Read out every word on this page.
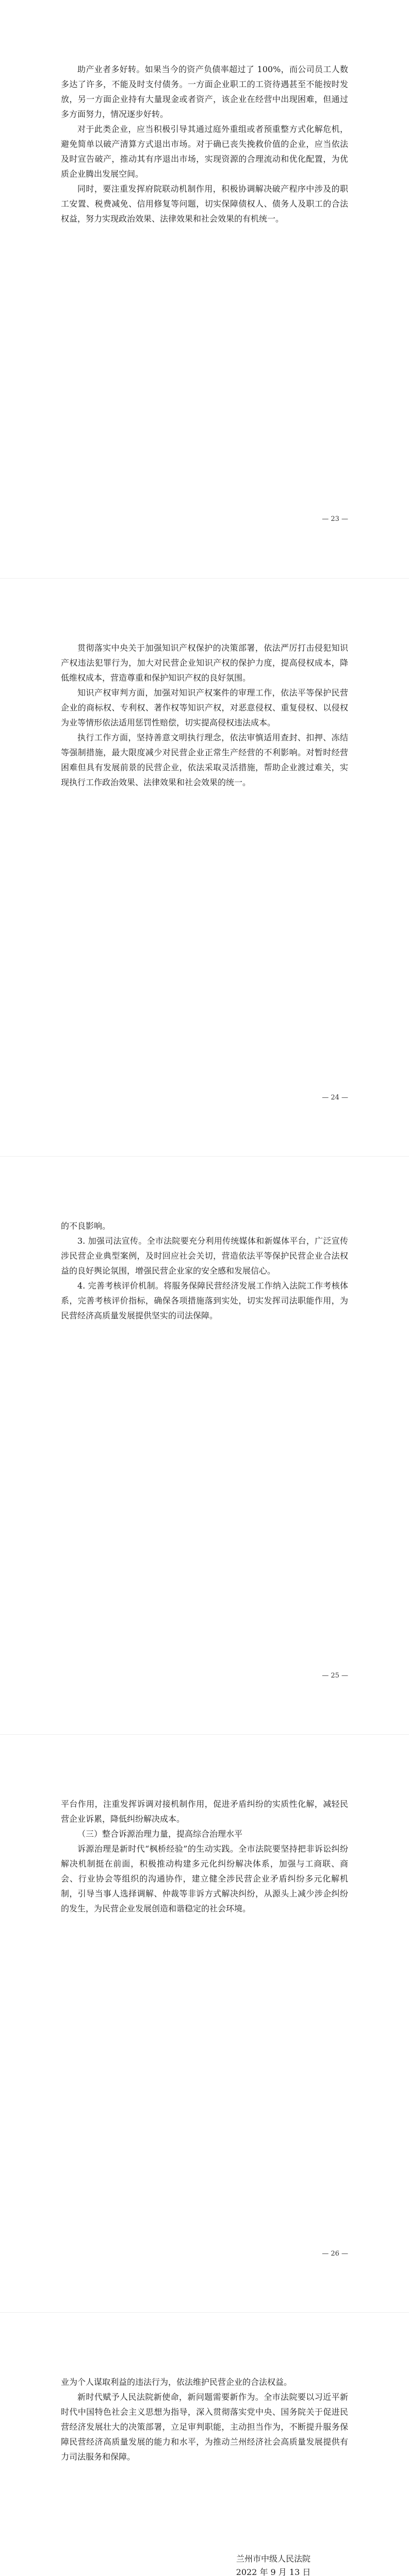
助产业者多好转。如果当今的资产负债率超过了 100%，而公司员工人数多达了许多，不能及时支付债务。一方面企业职工的工资待遇甚至不能按时发放，另一方面企业持有大量现金或者资产，该企业在经营中出现困难，但通过多方面努力，情况逐步好转。

对于此类企业，应当积极引导其通过庭外重组或者预重整方式化解危机，避免简单以破产清算方式退出市场。对于确已丧失挽救价值的企业，应当依法及时宣告破产，推动其有序退出市场，实现资源的合理流动和优化配置，为优质企业腾出发展空间。

同时，要注重发挥府院联动机制作用，积极协调解决破产程序中涉及的职工安置、税费减免、信用修复等问题，切实保障债权人、债务人及职工的合法权益，努力实现政治效果、法律效果和社会效果的有机统一。

— 23 —

贯彻落实中央关于加强知识产权保护的决策部署，依法严厉打击侵犯知识产权违法犯罪行为，加大对民营企业知识产权的保护力度，提高侵权成本，降低维权成本，营造尊重和保护知识产权的良好氛围。

知识产权审判方面，加强对知识产权案件的审理工作，依法平等保护民营企业的商标权、专利权、著作权等知识产权，对恶意侵权、重复侵权、以侵权为业等情形依法适用惩罚性赔偿，切实提高侵权违法成本。

执行工作方面，坚持善意文明执行理念，依法审慎适用查封、扣押、冻结等强制措施，最大限度减少对民营企业正常生产经营的不利影响。对暂时经营困难但具有发展前景的民营企业，依法采取灵活措施，帮助企业渡过难关，实现执行工作政治效果、法律效果和社会效果的统一。

— 24 —

的不良影响。

3. 加强司法宣传。全市法院要充分利用传统媒体和新媒体平台，广泛宣传涉民营企业典型案例，及时回应社会关切，营造依法平等保护民营企业合法权益的良好舆论氛围，增强民营企业家的安全感和发展信心。

4. 完善考核评价机制。将服务保障民营经济发展工作纳入法院工作考核体系，完善考核评价指标，确保各项措施落到实处，切实发挥司法职能作用，为民营经济高质量发展提供坚实的司法保障。

— 25 —

平台作用，注重发挥诉调对接机制作用，促进矛盾纠纷的实质性化解，减轻民营企业诉累，降低纠纷解决成本。

（三）整合诉源治理力量，提高综合治理水平

诉源治理是新时代“枫桥经验”的生动实践。全市法院要坚持把非诉讼纠纷解决机制挺在前面，积极推动构建多元化纠纷解决体系，加强与工商联、商会、行业协会等组织的沟通协作，建立健全涉民营企业矛盾纠纷多元化解机制，引导当事人选择调解、仲裁等非诉方式解决纠纷，从源头上减少涉企纠纷的发生，为民营企业发展创造和谐稳定的社会环境。

— 26 —

业为个人谋取利益的违法行为，依法维护民营企业的合法权益。

新时代赋予人民法院新使命，新问题需要新作为。全市法院要以习近平新时代中国特色社会主义思想为指导，深入贯彻落实党中央、国务院关于促进民营经济发展壮大的决策部署，立足审判职能，主动担当作为，不断提升服务保障民营经济高质量发展的能力和水平，为推动兰州经济社会高质量发展提供有力司法服务和保障。

兰州市中级人民法院
2022 年 9 月 13 日
